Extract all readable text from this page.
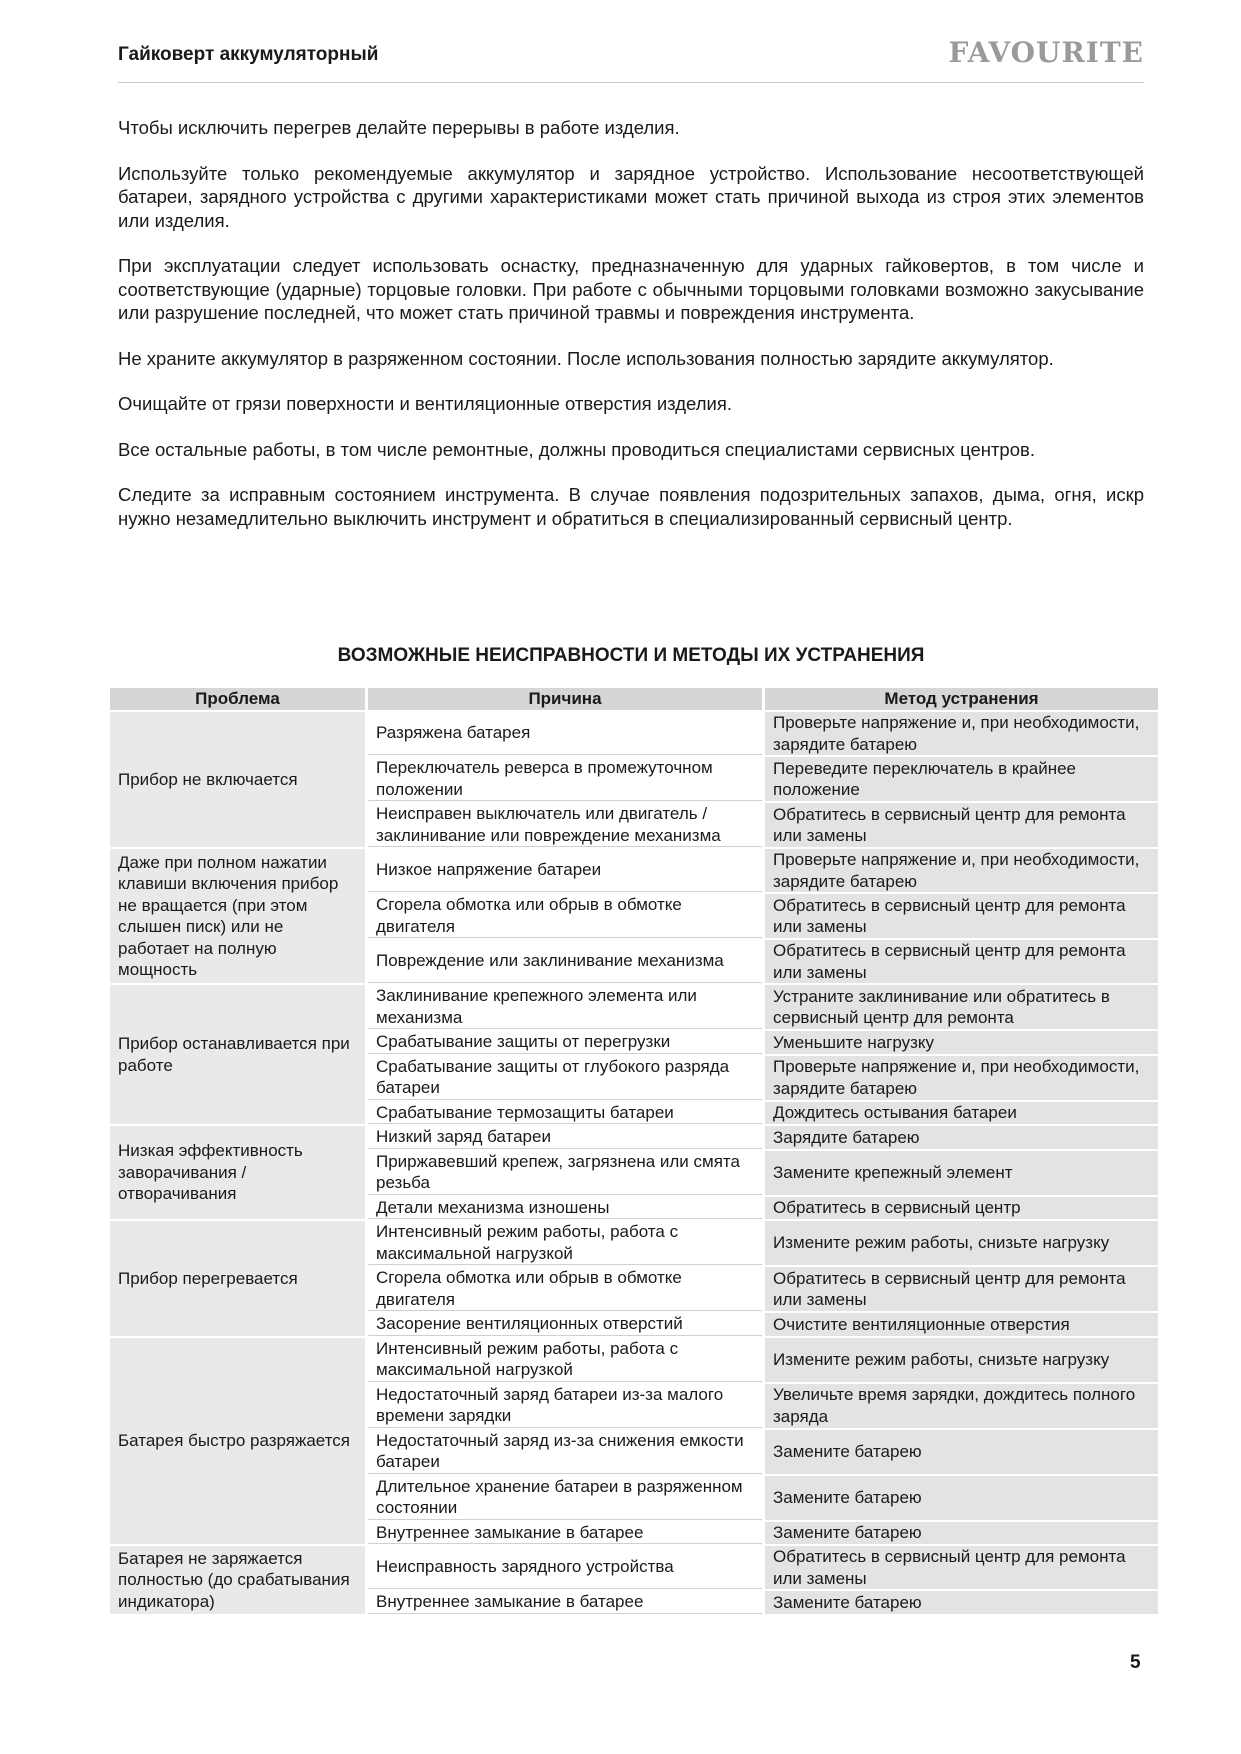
Гайковерт аккумуляторный	FAVOURITE

Чтобы исключить перегрев делайте перерывы в работе изделия.

Используйте только рекомендуемые аккумулятор и зарядное устройство. Использование несоответствующей батареи, зарядного устройства с другими характеристиками может стать причиной выхода из строя этих элементов или изделия.

При эксплуатации следует использовать оснастку, предназначенную для ударных гайковертов, в том числе и соответствующие (ударные) торцовые головки. При работе с обычными торцовыми головками возможно закусывание или разрушение последней, что может стать причиной травмы и повреждения инструмента.

Не храните аккумулятор в разряженном состоянии. После использования полностью зарядите аккумулятор.

Очищайте от грязи поверхности и вентиляционные отверстия изделия.

Все остальные работы, в том числе ремонтные, должны проводиться специалистами сервисных центров.

Следите за исправным состоянием инструмента. В случае появления подозрительных запахов, дыма, огня, искр нужно незамедлительно выключить инструмент и обратиться в специализированный сервисный центр.

ВОЗМОЖНЫЕ НЕИСПРАВНОСТИ И МЕТОДЫ ИХ УСТРАНЕНИЯ
Проблема	Причина	Метод устранения
Прибор не включается	Разряжена батарея	Проверьте напряжение и, при необходимости, зарядите батарею
	Переключатель реверса в промежуточном положении	Переведите переключатель в крайнее положение
	Неисправен выключатель или двигатель / заклинивание или повреждение механизма	Обратитесь в сервисный центр для ремонта или замены
Даже при полном нажатии клавиши включения прибор не вращается (при этом слышен писк) или не работает на полную мощность	Низкое напряжение батареи	Проверьте напряжение и, при необходимости, зарядите батарею
	Сгорела обмотка или обрыв в обмотке двигателя	Обратитесь в сервисный центр для ремонта или замены
	Повреждение или заклинивание механизма	Обратитесь в сервисный центр для ремонта или замены
Прибор останавливается при работе	Заклинивание крепежного элемента или механизма	Устраните заклинивание или обратитесь в сервисный центр для ремонта
	Срабатывание защиты от перегрузки	Уменьшите нагрузку
	Срабатывание защиты от глубокого разряда батареи	Проверьте напряжение и, при необходимости, зарядите батарею
	Срабатывание термозащиты батареи	Дождитесь остывания батареи
Низкая эффективность заворачивания / отворачивания	Низкий заряд батареи	Зарядите батарею
	Приржавевший крепеж, загрязнена или смята резьба	Замените крепежный элемент
	Детали механизма изношены	Обратитесь в сервисный центр
Прибор перегревается	Интенсивный режим работы, работа с максимальной нагрузкой	Измените режим работы, снизьте нагрузку
	Сгорела обмотка или обрыв в обмотке двигателя	Обратитесь в сервисный центр для ремонта или замены
	Засорение вентиляционных отверстий	Очистите вентиляционные отверстия
Батарея быстро разряжается	Интенсивный режим работы, работа с максимальной нагрузкой	Измените режим работы, снизьте нагрузку
	Недостаточный заряд батареи из-за малого времени зарядки	Увеличьте время зарядки, дождитесь полного заряда
	Недостаточный заряд из-за снижения емкости батареи	Замените батарею
	Длительное хранение батареи в разряженном состоянии	Замените батарею
	Внутреннее замыкание в батарее	Замените батарею
Батарея не заряжается полностью (до срабатывания индикатора)	Неисправность зарядного устройства	Обратитесь в сервисный центр для ремонта или замены
	Внутреннее замыкание в батарее	Замените батарею
5
